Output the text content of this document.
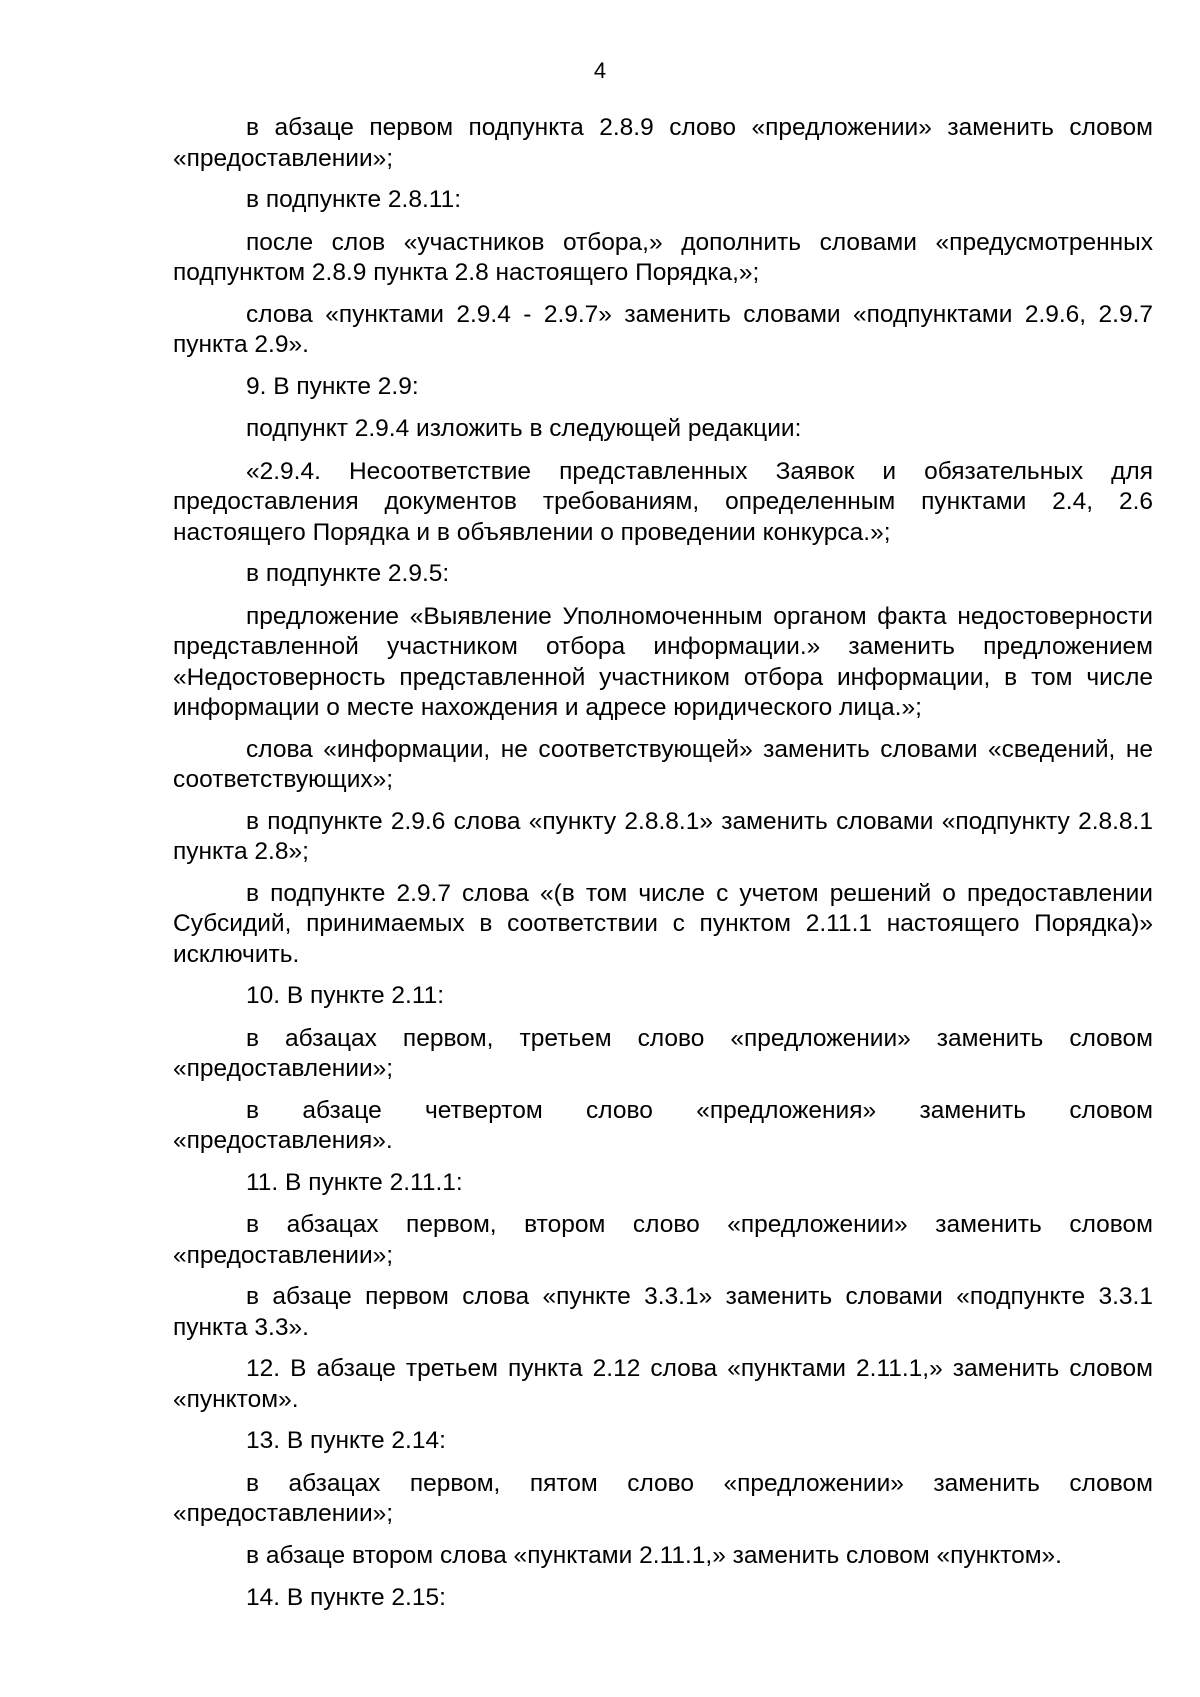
4

в абзаце первом подпункта 2.8.9 слово «предложении» заменить словом «предоставлении»;

в подпункте 2.8.11:

после слов «участников отбора,» дополнить словами «предусмотренных подпунктом 2.8.9 пункта 2.8 настоящего Порядка,»;

слова «пунктами 2.9.4 - 2.9.7» заменить словами «подпунктами 2.9.6, 2.9.7 пункта 2.9».

9. В пункте 2.9:

подпункт 2.9.4 изложить в следующей редакции:

«2.9.4. Несоответствие представленных Заявок и обязательных для предоставления документов требованиям, определенным пунктами 2.4, 2.6 настоящего Порядка и в объявлении о проведении конкурса.»;

в подпункте 2.9.5:

предложение «Выявление Уполномоченным органом факта недостоверности представленной участником отбора информации.» заменить предложением «Недостоверность представленной участником отбора информации, в том числе информации о месте нахождения и адресе юридического лица.»;

слова «информации, не соответствующей» заменить словами «сведений, не соответствующих»;

в подпункте 2.9.6 слова «пункту 2.8.8.1» заменить словами «подпункту 2.8.8.1 пункта 2.8»;

в подпункте 2.9.7 слова «(в том числе с учетом решений о предоставлении Субсидий, принимаемых в соответствии с пунктом 2.11.1 настоящего Порядка)» исключить.

10. В пункте 2.11:

в абзацах первом, третьем слово «предложении» заменить словом «предоставлении»;

в абзаце четвертом слово «предложения» заменить словом «предоставления».

11. В пункте 2.11.1:

в абзацах первом, втором слово «предложении» заменить словом «предоставлении»;

в абзаце первом слова «пункте 3.3.1» заменить словами «подпункте 3.3.1 пункта 3.3».

12. В абзаце третьем пункта 2.12 слова «пунктами 2.11.1,» заменить словом «пунктом».

13. В пункте 2.14:

в абзацах первом, пятом слово «предложении» заменить словом «предоставлении»;

в абзаце втором слова «пунктами 2.11.1,» заменить словом «пунктом».

14. В пункте 2.15:
